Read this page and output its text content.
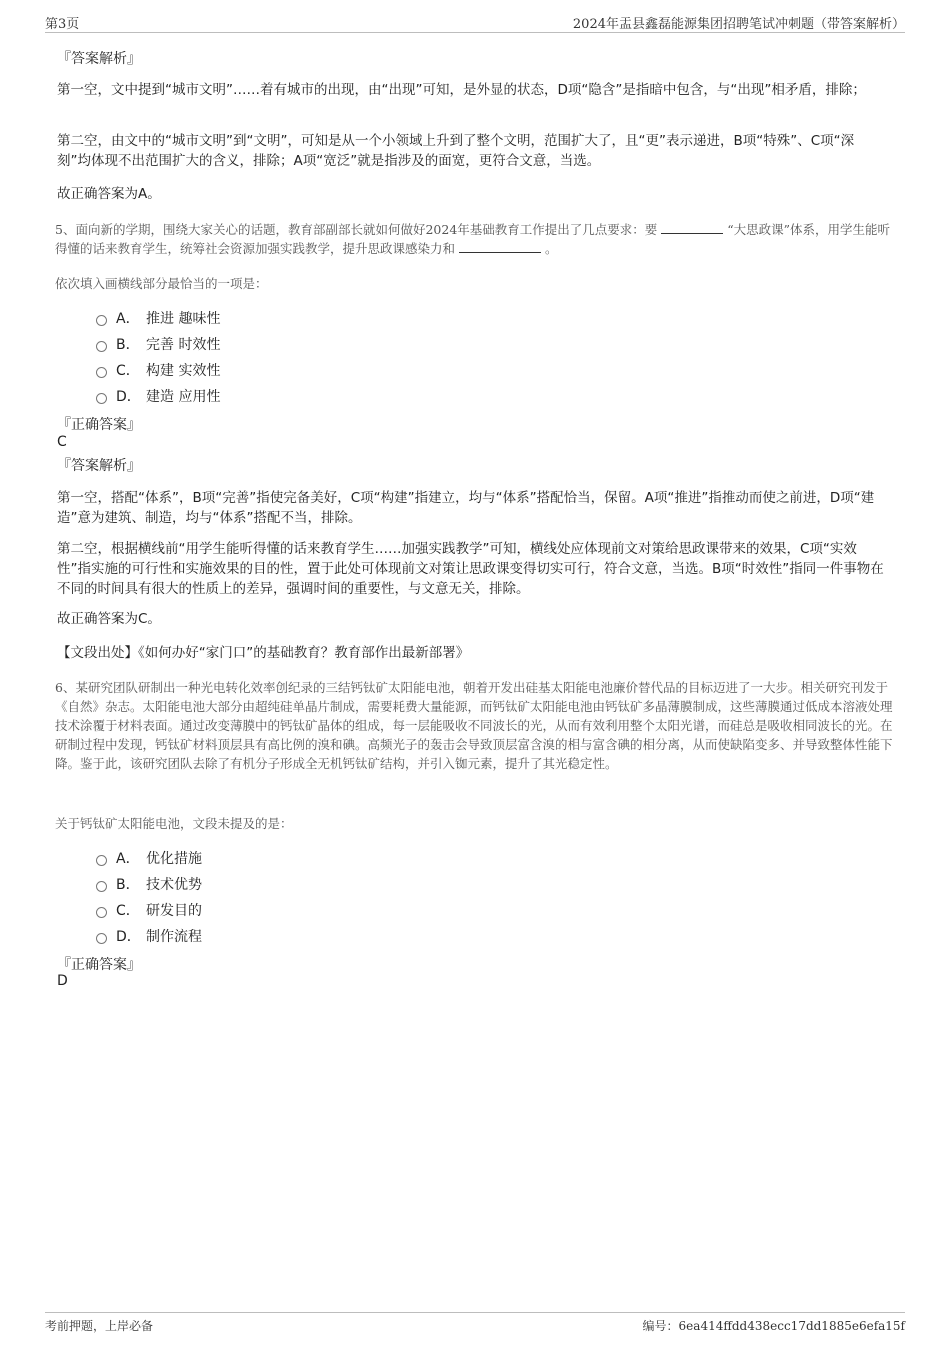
第3页	2024年盂县鑫磊能源集团招聘笔试冲刺题（带答案解析）
『答案解析』
第一空，文中提到“城市文明”……着有城市的出现，由“出现”可知，是外显的状态，D项“隐含”是指暗中包含，与“出现”相矛盾，排除；
第二空，由文中的“城市文明”到“文明”，可知是从一个小领域上升到了整个文明，范围扩大了，且“更”表示递进，B项“特殊”、C项“深刻”均体现不出范围扩大的含义，排除；A项“宽泛”就是指涉及的面宽，更符合文意，当选。
故正确答案为A。
5、面向新的学期，围绕大家关心的话题，教育部副部长就如何做好2024年基础教育工作提出了几点要求：要	“大思政课”体系，用学生能听得懂的话来教育学生，统筹社会资源加强实践教学，提升思政课感染力和	。
依次填入画横线部分最恰当的一项是：
A． 推进 趣味性
B． 完善 时效性
C． 构建 实效性
D． 建造 应用性
『正确答案』
C
『答案解析』
第一空，搭配“体系”，B项“完善”指使完备美好，C项“构建”指建立，均与“体系”搭配恰当，保留。A项“推进”指推动而使之前进，D项“建造”意为建筑、制造，均与“体系”搭配不当，排除。
第二空，根据横线前“用学生能听得懂的话来教育学生……加强实践教学”可知，横线处应体现前文对策给思政课带来的效果，C项“实效性”指实施的可行性和实施效果的目的性，置于此处可体现前文对策让思政课变得切实可行，符合文意，当选。B项“时效性”指同一件事物在不同的时间具有很大的性质上的差异，强调时间的重要性，与文意无关，排除。
故正确答案为C。
【文段出处】《如何办好“家门口”的基础教育？教育部作出最新部署》
6、某研究团队研制出一种光电转化效率创纪录的三结钙钛矿太阳能电池，朝着开发出硅基太阳能电池廉价替代品的目标迈进了一大步。相关研究刊发于《自然》杂志。太阳能电池大部分由超纯硅单晶片制成，需要耗费大量能源，而钙钛矿太阳能电池由钙钛矿多晶薄膜制成，这些薄膜通过低成本溶液处理技术涂覆于材料表面。通过改变薄膜中的钙钛矿晶体的组成，每一层能吸收不同波长的光，从而有效利用整个太阳光谱，而硅总是吸收相同波长的光。在研制过程中发现，钙钛矿材料顶层具有高比例的溴和碘。高频光子的轰击会导致顶层富含溴的相与富含碘的相分离，从而使缺陷变多、并导致整体性能下降。鉴于此，该研究团队去除了有机分子形成全无机钙钛矿结构，并引入铷元素，提升了其光稳定性。
关于钙钛矿太阳能电池，文段未提及的是：
A． 优化措施
B． 技术优势
C． 研发目的
D． 制作流程
『正确答案』
D
考前押题，上岸必备	编号：6ea414ffdd438ecc17dd1885e6efa15f
